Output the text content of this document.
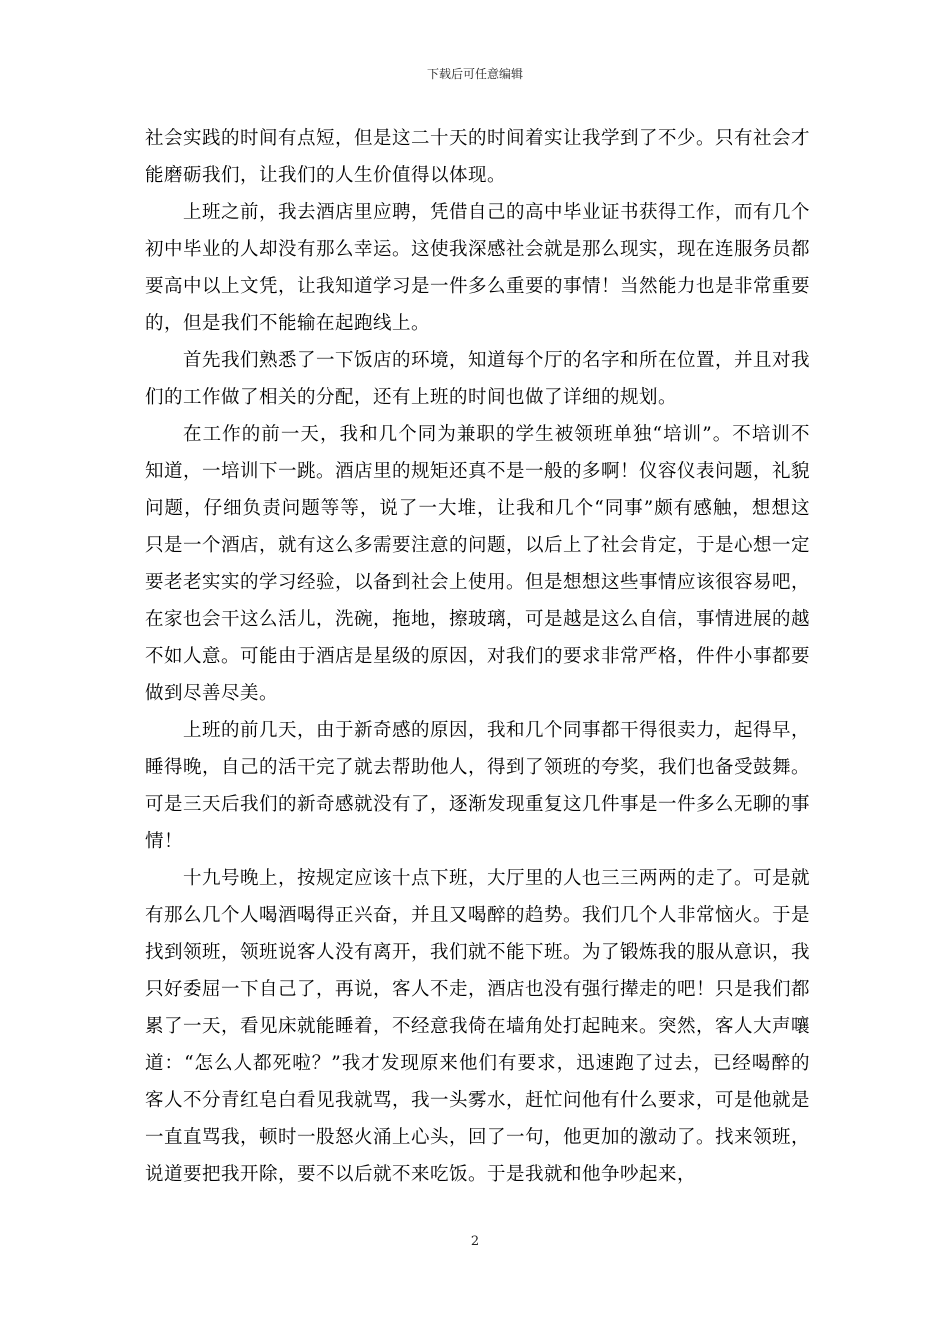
下载后可任意编辑

社会实践的时间有点短，但是这二十天的时间着实让我学到了不少。只有社会才能磨砺我们，让我们的人生价值得以体现。

上班之前，我去酒店里应聘，凭借自己的高中毕业证书获得工作，而有几个初中毕业的人却没有那么幸运。这使我深感社会就是那么现实，现在连服务员都要高中以上文凭，让我知道学习是一件多么重要的事情！当然能力也是非常重要的，但是我们不能输在起跑线上。

首先我们熟悉了一下饭店的环境，知道每个厅的名字和所在位置，并且对我们的工作做了相关的分配，还有上班的时间也做了详细的规划。

在工作的前一天，我和几个同为兼职的学生被领班单独“培训”。不培训不知道，一培训下一跳。酒店里的规矩还真不是一般的多啊！仪容仪表问题，礼貌问题，仔细负责问题等等，说了一大堆，让我和几个“同事”颇有感触，想想这只是一个酒店，就有这么多需要注意的问题，以后上了社会肯定，于是心想一定要老老实实的学习经验，以备到社会上使用。但是想想这些事情应该很容易吧，在家也会干这么活儿，洗碗，拖地，擦玻璃，可是越是这么自信，事情进展的越不如人意。可能由于酒店是星级的原因，对我们的要求非常严格，件件小事都要做到尽善尽美。

上班的前几天，由于新奇感的原因，我和几个同事都干得很卖力，起得早，睡得晚，自己的活干完了就去帮助他人，得到了领班的夸奖，我们也备受鼓舞。可是三天后我们的新奇感就没有了，逐渐发现重复这几件事是一件多么无聊的事情！

十九号晚上，按规定应该十点下班，大厅里的人也三三两两的走了。可是就有那么几个人喝酒喝得正兴奋，并且又喝醉的趋势。我们几个人非常恼火。于是找到领班，领班说客人没有离开，我们就不能下班。为了锻炼我的服从意识，我只好委屈一下自己了，再说，客人不走，酒店也没有强行撵走的吧！只是我们都累了一天，看见床就能睡着，不经意我倚在墙角处打起盹来。突然，客人大声嚷道：“怎么人都死啦？”我才发现原来他们有要求，迅速跑了过去，已经喝醉的客人不分青红皂白看见我就骂，我一头雾水，赶忙问他有什么要求，可是他就是一直直骂我，顿时一股怒火涌上心头，回了一句，他更加的激动了。找来领班，说道要把我开除，要不以后就不来吃饭。于是我就和他争吵起来，

2
